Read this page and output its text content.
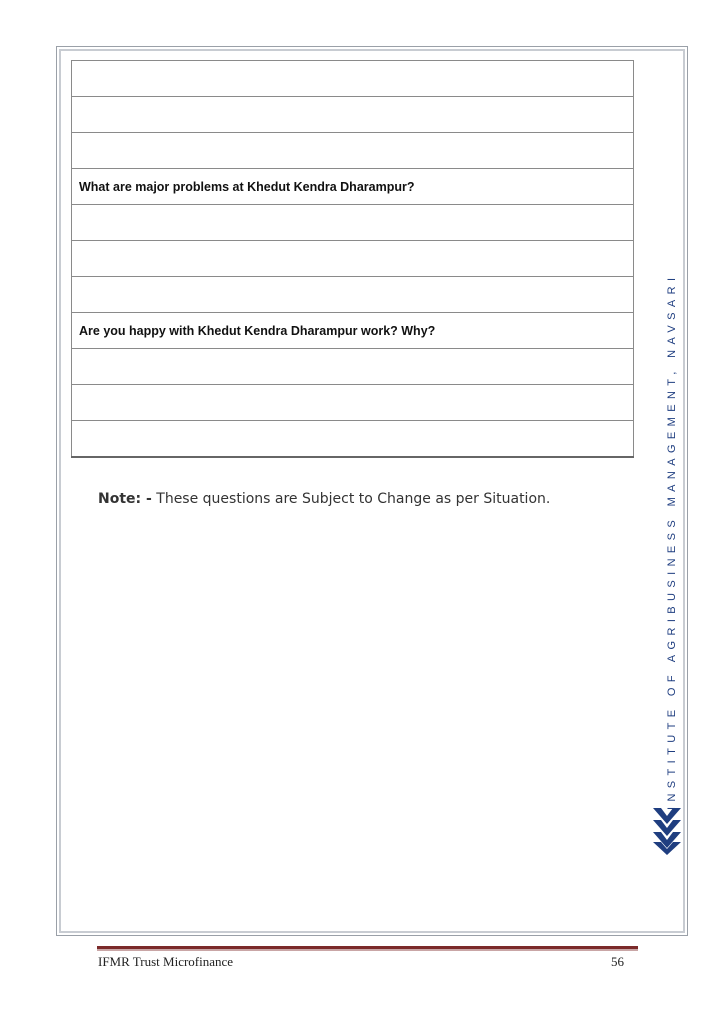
What are major problems at Khedut Kendra Dharampur?

Are you happy with Khedut Kendra Dharampur work? Why?

Note: - These questions are Subject to Change as per Situation.	INSTITUTE OF AGRIBUSINESS MANAGEMENT, NAVSARI
IFMR Trust Microfinance	56
